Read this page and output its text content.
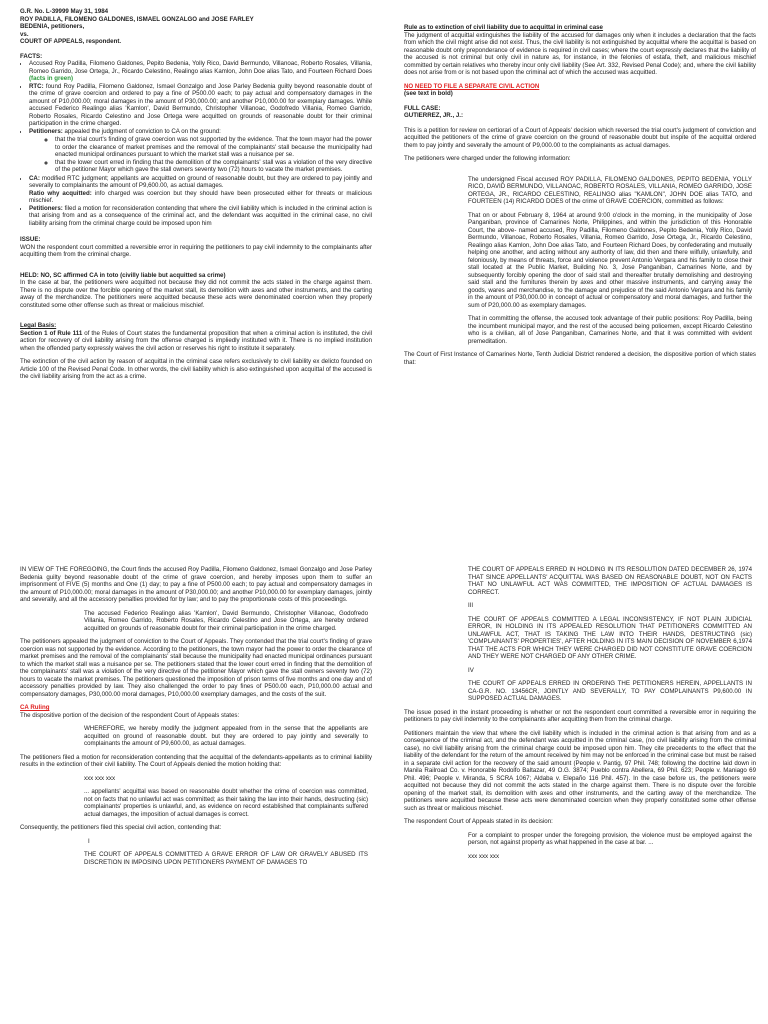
G.R. No. L-39999 May 31, 1984
ROY PADILLA, FILOMENO GALDONES, ISMAEL GONZALGO and JOSE FARLEY
BEDENIA, petitioners,
vs.
COURT OF APPEALS, respondent.
FACTS:
• Accused Roy Padilla, Filomeno Galdones, Pepito Bedenia, Yolly Rico, David Bermundo, Villanoac, Roberto Rosales, Villania, Romeo Garrido, Jose Ortega, Jr., Ricardo Celestino, Realingo alias Kamlon, John Doe alias Tato, and Fourteen Richard Does (facts in green)
• RTC: found Roy Padilla, Filomeno Galdonez, Ismael Gonzalgo and Jose Parley Bedenia guilty beyond reasonable doubt of the crime of grave coercion and ordered to pay a fine of P500.00 each; to pay actual and compensatory damages in the amount of P10,000.00; moral damages in the amount of P30,000.00; and another P10,000.00 for exemplary damages. While accused Federico Realingo alias 'Kamlon', David Bermundo, Christopher Villanoac, Godofredo Villania, Romeo Garrido, Roberto Rosales, Ricardo Celestino and Jose Ortega were acquitted on grounds of reasonable doubt for their criminal participation in the crime charged.
• Petitioners: appealed the judgment of conviction to CA on the ground:
◦ that the trial court's finding of grave coercion was not supported by the evidence. That the town mayor had the power to order the clearance of market premises and the removal of the complainants' stall because the municipality had enacted municipal ordinances pursuant to which the market stall was a nuisance per se.
◦ that the lower court erred in finding that the demolition of the complainants' stall was a violation of the very directive of the petitioner Mayor which gave the stall owners seventy two (72) hours to vacate the market premises.
• CA: modified RTC judgment; appellants are acquitted on ground of reasonable doubt, but they are ordered to pay jointly and severally to complainants the amount of P9,600.00, as actual damages.
Ratio why acquitted: info charged was coercion but they should have been prosecuted either for threats or malicious mischief.
• Petitioners: filed a motion for reconsideration contending that where the civil liability which is included in the criminal action is that arising from and as a consequence of the criminal act, and the defendant was acquitted in the criminal case, no civil liability arising from the criminal charge could be imposed upon him
ISSUE:

WON the respondent court committed a reversible error in requiring the petitioners to pay civil indemnity to the complainants after acquitting them from the criminal charge.

HELD: NO, SC affirmed CA in toto (civilly liable but acquitted sa crime)

In the case at bar, the petitioners were acquitted not because they did not commit the acts stated in the charge against them. There is no dispute over the forcible opening of the market stall, its demolition with axes and other instruments, and the carting away of the merchandize. The petitioners were acquitted because these acts were denominated coercion when they properly constituted some other offense such as threat or malicious mischief.

Legal Basis:

Section 1 of Rule 111 of the Rules of Court states the fundamental proposition that when a criminal action is instituted, the civil action for recovery of civil liability arising from the offense charged is impliedly instituted with it. There is no implied institution when the offended party expressly waives the civil action or reserves his right to institute it separately.

The extinction of the civil action by reason of acquittal in the criminal case refers exclusively to civil liability ex delicto founded on Article 100 of the Revised Penal Code. In other words, the civil liability which is also extinguished upon acquittal of the accused is the civil liability arising from the act as a crime.

Rule as to extinction of civil liability due to acquittal in criminal case

The judgment of acquittal extinguishes the liability of the accused for damages only when it includes a declaration that the facts from which the civil might arise did not exist. Thus, the civil liability is not extinguished by acquittal where the acquittal is based on reasonable doubt only preponderance of evidence is required in civil cases; where the court expressly declares that the liability of the accused is not criminal but only civil in nature as, for instance, in the felonies of estafa, theft, and malicious mischief committed by certain relatives who thereby incur only civil liability (See Art. 332, Revised Penal Code); and, where the civil liability does not arise from or is not based upon the criminal act of which the accused was acquitted.

NO NEED TO FILE A SEPARATE CIVIL ACTION
(see text in bold)
FULL CASE:
GUTIERREZ, JR., J.:

This is a petition for review on certiorari of a Court of Appeals' decision which reversed the trial court's judgment of conviction and acquitted the petitioners of the crime of grave coercion on the ground of reasonable doubt but inspite of the acquittal ordered them to pay jointly and severally the amount of P9,000.00 to the complainants as actual damages.

The petitioners were charged under the following information:

The undersigned Fiscal accused ROY PADILLA, FILOMENO GALDONES, PEPITO BEDENIA, YOLLY RICO, DAVID BERMUNDO, VILLANOAC, ROBERTO ROSALES, VILLANIA, ROMEO GARRIDO, JOSE ORTEGA, JR., RICARDO CELESTINO, REALINGO alias "KAMLON", JOHN DOE alias TATO, and FOURTEEN (14) RICARDO DOES of the crime of GRAVE COERCION, committed as follows:

That on or about February 8, 1964 at around 9:00 o'clock in the morning, in the municipality of Jose Panganiban, province of Camarines Norte, Philippines, and within the jurisdiction of this Honorable Court, the above- named accused, Roy Padilla, Filomeno Galdones, Pepito Bedenia, Yolly Rico, David Bermundo, Villanoac, Roberto Rosales, Villania, Romeo Garrido, Jose Ortega, Jr., Ricardo Celestino, Realingo alias Kamlon, John Doe alias Tato, and Fourteen Richard Does, by confederating and mutually helping one another, and acting without any authority of law, did then and there wilfully, unlawfully, and feloniously, by means of threats, force and violence prevent Antonio Vergara and his family to close their stall located at the Public Market, Building No. 3, Jose Panganiban, Camarines Norte, and by subsequently forcibly opening the door of said stall and thereafter brutally demolishing and destroying said stall and the furnitures therein by axes and other massive instruments, and carrying away the goods, wares and merchandise, to the damage and prejudice of the said Antonio Vergara and his family in the amount of P30,000.00 in concept of actual or compensatory and moral damages, and further the sum of P20,000.00 as exemplary damages.

That in committing the offense, the accused took advantage of their public positions: Roy Padilla, being the incumbent municipal mayor, and the rest of the accused being policemen, except Ricardo Celestino who is a civilian, all of Jose Panganiban, Camarines Norte, and that it was committed with evident premeditation.

The Court of First Instance of Camarines Norte, Tenth Judicial District rendered a decision, the dispositive portion of which states that:

IN VIEW OF THE FOREGOING, the Court finds the accused Roy Padilla, Filomeno Galdonez, Ismael Gonzalgo and Jose Parley Bedenia guilty beyond reasonable doubt of the crime of grave coercion, and hereby imposes upon them to suffer an imprisonment of FIVE (5) months and One (1) day; to pay a fine of P500.00 each; to pay actual and compensatory damages in the amount of P10,000.00; moral damages in the amount of P30,000.00; and another P10,000.00 for exemplary damages, jointly and severally, and all the accessory penalties provided for by law; and to pay the proportionate costs of this proceedings.

The accused Federico Realingo alias 'Kamlon', David Bermundo, Christopher Villanoac, Godofredo Villania, Romeo Garrido, Roberto Rosales, Ricardo Celestino and Jose Ortega, are hereby ordered acquitted on grounds of reasonable doubt for their criminal participation in the crime charged.

The petitioners appealed the judgment of conviction to the Court of Appeals. They contended that the trial court's finding of grave coercion was not supported by the evidence. According to the petitioners, the town mayor had the power to order the clearance of market premises and the removal of the complainants' stall because the municipality had enacted municipal ordinances pursuant to which the market stall was a nuisance per se. The petitioners stated that the lower court erred in finding that the demolition of the complainants' stall was a violation of the very directive of the petitioner Mayor which gave the stall owners seventy two (72) hours to vacate the market premises. The petitioners questioned the imposition of prison terms of five months and one day and of accessory penalties provided by law. They also challenged the order to pay fines of P500.00 each, P10,000.00 actual and compensatory damages, P30,000.00 moral damages, P10,000.00 exemplary damages, and the costs of the suit.

CA Ruling

The dispositive portion of the decision of the respondent Court of Appeals states:

WHEREFORE, we hereby modify the judgment appealed from in the sense that the appellants are acquitted on ground of reasonable doubt. but they are ordered to pay jointly and severally to complainants the amount of P9,600.00, as actual damages.

The petitioners filed a motion for reconsideration contending that the acquittal of the defendants-appellants as to criminal liability results in the extinction of their civil liability. The Court of Appeals denied the motion holding that:

xxx xxx xxx

... appellants' acquittal was based on reasonable doubt whether the crime of coercion was committed, not on facts that no unlawful act was committed; as their taking the law into their hands, destructing (sic) complainants' properties is unlawful, and, as evidence on record established that complainants suffered actual damages, the imposition of actual damages is correct.

Consequently, the petitioners filed this special civil action, contending that:

I

THE COURT OF APPEALS COMMITTED A GRAVE ERROR OF LAW OR GRAVELY ABUSED ITS DISCRETION IN IMPOSING UPON PETITIONERS PAYMENT OF DAMAGES TO

THE COURT OF APPEALS ERRED IN HOLDING IN ITS RESOLUTION DATED DECEMBER 26, 1974 THAT SINCE APPELLANTS' ACQUITTAL WAS BASED ON REASONABLE DOUBT, NOT ON FACTS THAT NO UNLAWFUL ACT WAS COMMITTED, THE IMPOSITION OF ACTUAL DAMAGES IS CORRECT.

III

THE COURT OF APPEALS COMMITTED A LEGAL INCONSISTENCY, IF NOT PLAIN JUDICIAL ERROR, IN HOLDING IN ITS APPEALED RESOLUTION THAT PETITIONERS COMMITTED AN UNLAWFUL ACT, THAT IS TAKING THE LAW INTO THEIR HANDS, DESTRUCTING (sic) 'COMPLAINANTS' PROPERTIES', AFTER HOLDING IN ITS MAIN DECISION OF NOVEMBER 6,1974 THAT THE ACTS FOR WHICH THEY WERE CHARGED DID NOT CONSTITUTE GRAVE COERCION AND THEY WERE NOT CHARGED OF ANY OTHER CRIME.

IV

THE COURT OF APPEALS ERRED IN ORDERING THE PETITIONERS HEREIN, APPELLANTS IN CA-G.R. NO. 13456CR, JOINTLY AND SEVERALLY, TO PAY COMPLAINANTS P9,600.00 IN SUPPOSED ACTUAL DAMAGES.

The issue posed in the instant proceeding is whether or not the respondent court committed a reversible error in requiring the petitioners to pay civil indemnity to the complainants after acquitting them from the criminal charge.

Petitioners maintain the view that where the civil liability which is included in the criminal action is that arising from and as a consequence of the criminal act, and the defendant was acquitted in the criminal case, (no civil liability arising from the criminal case), no civil liability arising from the criminal charge could be imposed upon him. They cite precedents to the effect that the liability of the defendant for the return of the amount received by him may not be enforced in the criminal case but must be raised in a separate civil action for the recovery of the said amount (People v. Pantig, 97 Phil. 748; following the doctrine laid down in Manila Railroad Co. v. Honorable Rodolfo Baltazar, 49 O.G. 3874; Pueblo contra Abellera, 69 Phil. 623; People v. Maniago 69 Phil. 496; People v. Miranda, 5 SCRA 1067; Aldaba v. Elepaño 116 Phil. 457). In the case before us, the petitioners were acquitted not because they did not commit the acts stated in the charge against them. There is no dispute over the forcible opening of the market stall, its demolition with axes and other instruments, and the carting away of the merchandize. The petitioners were acquitted because these acts were denominated coercion when they properly constituted some other offense such as threat or malicious mischief.

The respondent Court of Appeals stated in its decision:

For a complaint to prosper under the foregoing provision, the violence must be employed against the person, not against property as what happened in the case at bar. ...

xxx xxx xxx
